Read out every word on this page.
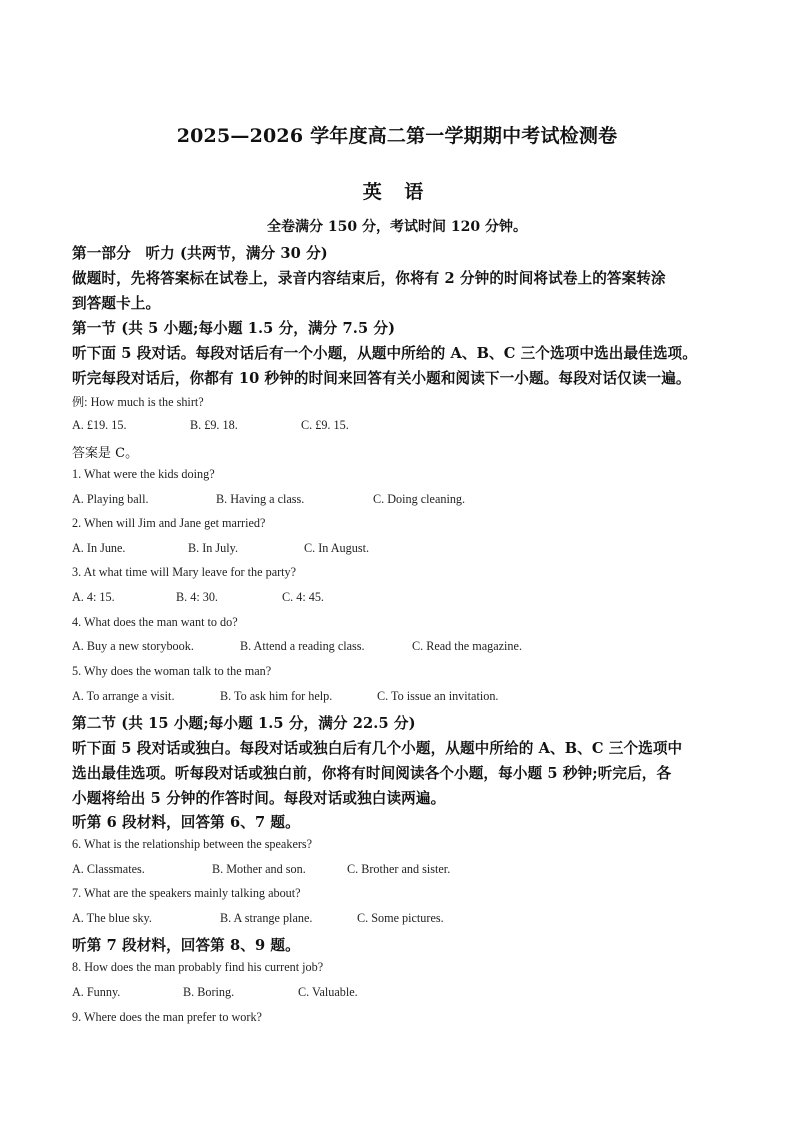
2025—2026 学年度高二第一学期期中考试检测卷
英 语
全卷满分 150 分，考试时间 120 分钟。
第一部分　听力 (共两节，满分 30 分)
做题时，先将答案标在试卷上，录音内容结束后，你将有 2 分钟的时间将试卷上的答案转涂
到答题卡上。
第一节 (共 5 小题;每小题 1.5 分，满分 7.5 分)
听下面 5 段对话。每段对话后有一个小题，从题中所给的 A、B、C 三个选项中选出最佳选项。
听完每段对话后，你都有 10 秒钟的时间来回答有关小题和阅读下一小题。每段对话仅读一遍。
例: How much is the shirt?
A. £19. 15.	B. £9. 18.	C. £9. 15.
答案是 C。
1. What were the kids doing?
A. Playing ball.	B. Having a class.	C. Doing cleaning.
2. When will Jim and Jane get married?
A. In June.	B. In July.	C. In August.
3. At what time will Mary leave for the party?
A. 4: 15.	B. 4: 30.	C. 4: 45.
4. What does the man want to do?
A. Buy a new storybook.	B. Attend a reading class.	C. Read the magazine.
5. Why does the woman talk to the man?
A. To arrange a visit.	B. To ask him for help.	C. To issue an invitation.
第二节 (共 15 小题;每小题 1.5 分，满分 22.5 分)
听下面 5 段对话或独白。每段对话或独白后有几个小题，从题中所给的 A、B、C 三个选项中
选出最佳选项。听每段对话或独白前，你将有时间阅读各个小题，每小题 5 秒钟;听完后，各
小题将给出 5 分钟的作答时间。每段对话或独白读两遍。
听第 6 段材料，回答第 6、7 题。
6. What is the relationship between the speakers?
A. Classmates.	B. Mother and son.	C. Brother and sister.
7. What are the speakers mainly talking about?
A. The blue sky.	B. A strange plane.	C. Some pictures.
听第 7 段材料，回答第 8、9 题。
8. How does the man probably find his current job?
A. Funny.	B. Boring.	C. Valuable.
9. Where does the man prefer to work?
